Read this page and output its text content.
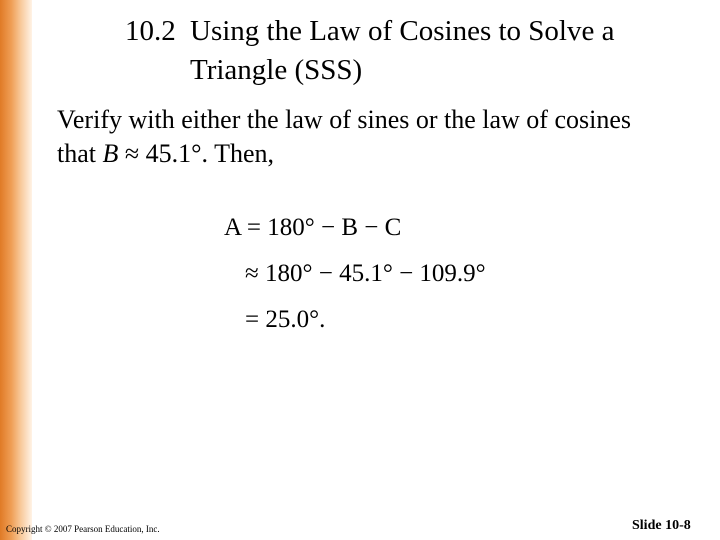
10.2 Using the Law of Cosines to Solve a
Triangle (SSS)
Verify with either the law of sines or the law of cosines
that B ≈ 45.1°. Then,
A = 180° − B − C
≈ 180° − 45.1° − 109.9°
= 25.0°.
Copyright © 2007 Pearson Education, Inc.	Slide 10-8
